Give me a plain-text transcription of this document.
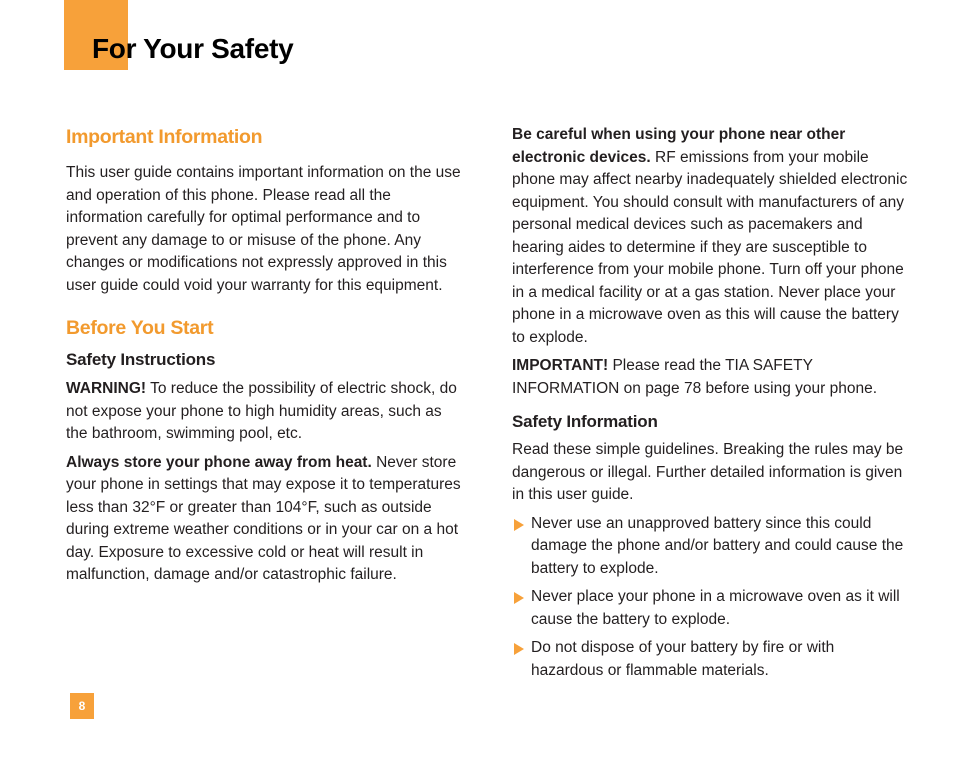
For Your Safety
Important Information

This user guide contains important information on the use and operation of this phone. Please read all the information carefully for optimal performance and to prevent any damage to or misuse of the phone. Any changes or modifications not expressly approved in this user guide could void your warranty for this equipment.

Before You Start
Safety Instructions

WARNING! To reduce the possibility of electric shock, do not expose your phone to high humidity areas, such as the bathroom, swimming pool, etc.

Always store your phone away from heat. Never store your phone in settings that may expose it to temperatures less than 32°F or greater than 104°F, such as outside during extreme weather conditions or in your car on a hot day. Exposure to excessive cold or heat will result in malfunction, damage and/or catastrophic failure.

Be careful when using your phone near other electronic devices. RF emissions from your mobile phone may affect nearby inadequately shielded electronic equipment. You should consult with manufacturers of any personal medical devices such as pacemakers and hearing aides to determine if they are susceptible to interference from your mobile phone. Turn off your phone in a medical facility or at a gas station. Never place your phone in a microwave oven as this will cause the battery to explode.

IMPORTANT! Please read the TIA SAFETY INFORMATION on page 78 before using your phone.

Safety Information

Read these simple guidelines. Breaking the rules may be dangerous or illegal. Further detailed information is given in this user guide.

Never use an unapproved battery since this could damage the phone and/or battery and could cause the battery to explode.
Never place your phone in a microwave oven as it will cause the battery to explode.
Do not dispose of your battery by fire or with hazardous or flammable materials.
8
